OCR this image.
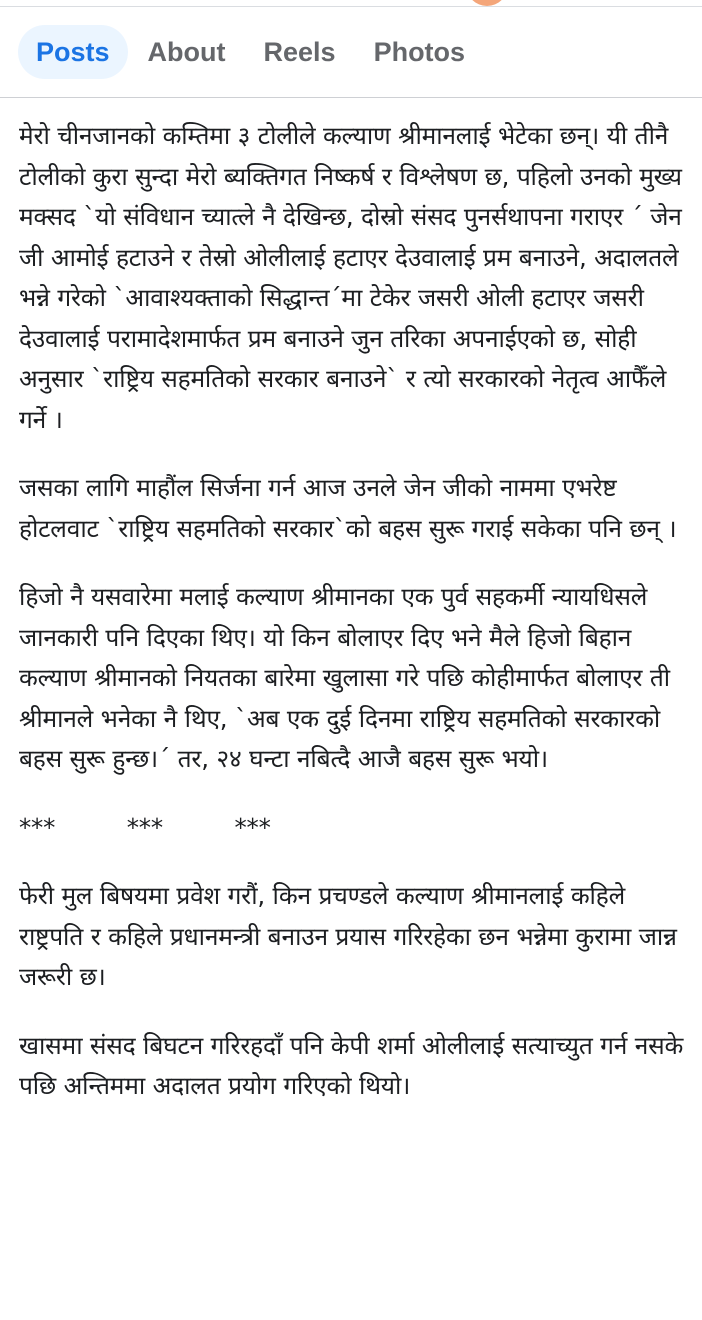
Posts	About	Reels	Photos

मेरो चीनजानको कम्तिमा ३ टोलीले कल्याण श्रीमानलाई भेटेका छन्। यी तीनै टोलीको कुरा सुन्दा मेरो ब्यक्तिगत निष्कर्ष र विश्लेषण छ, पहिलो उनको मुख्य मक्सद `यो संविधान च्यात्ले नै देखिन्छ, दोस्रो संसद पुनर्सथापना गराएर ´ जेन जी आमोई हटाउने र तेस्रो ओलीलाई हटाएर देउवालाई प्रम बनाउने, अदालतले भन्ने गरेको `आवाश्यक्ताको सिद्धान्त´मा टेकेर जसरी ओली हटाएर जसरी देउवालाई परामादेशमार्फत प्रम बनाउने जुन तरिका अपनाईएको छ, सोही अनुसार `राष्ट्रिय सहमतिको सरकार बनाउने` र त्यो सरकारको नेतृत्व आफैँले गर्ने ।

जसका लागि माहौंल सिर्जना गर्न आज उनले जेन जीको नाममा एभरेष्ट होटलवाट `राष्ट्रिय सहमतिको सरकार`को बहस सुरू गराई सकेका पनि छन् ।

हिजो नै यसवारेमा मलाई कल्याण श्रीमानका एक पुर्व सहकर्मी न्यायधिसले जानकारी पनि दिएका थिए। यो किन बोलाएर दिए भने मैले हिजो बिहान कल्याण श्रीमानको नियतका बारेमा खुलासा गरे पछि कोहीमार्फत बोलाएर ती श्रीमानले भनेका नै थिए, `अब एक दुई दिनमा राष्ट्रिय सहमतिको सरकारको बहस सुरू हुन्छ।´ तर, २४ घन्टा नबित्दै आजै बहस सुरू भयो।

*** *** ***

फेरी मुल बिषयमा प्रवेश गरौं, किन प्रचण्डले कल्याण श्रीमानलाई कहिले राष्ट्रपति र कहिले प्रधानमन्त्री बनाउन प्रयास गरिरहेका छन भन्नेमा कुरामा जान्न जरूरी छ।

खासमा संसद बिघटन गरिरहदाँ पनि केपी शर्मा ओलीलाई सत्याच्युत गर्न नसके पछि अन्तिममा अदालत प्रयोग गरिएको थियो।
